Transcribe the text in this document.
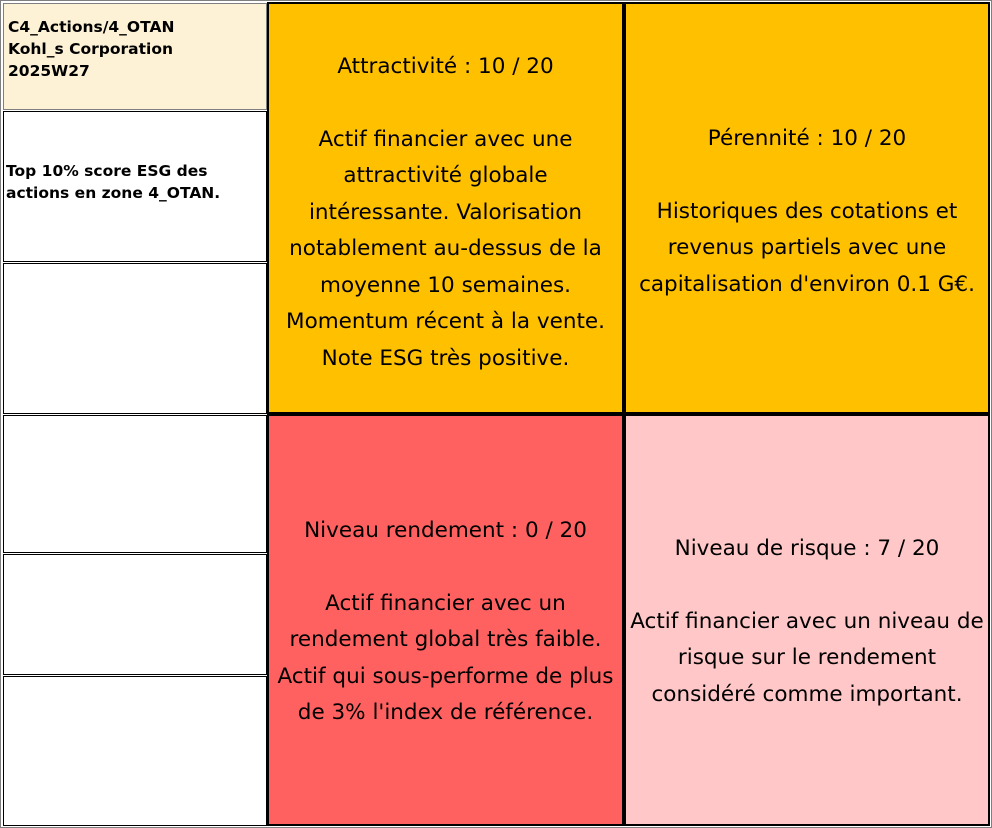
C4_Actions/4_OTAN
Kohl_s Corporation
2025W27
Top 10% score ESG des actions en zone 4_OTAN.
Attractivité : 10 / 20
Actif financier avec une attractivité globale intéressante. Valorisation notablement au-dessus de la moyenne 10 semaines. Momentum récent à la vente. Note ESG très positive.
Pérennité : 10 / 20
Historiques des cotations et revenus partiels avec une capitalisation d'environ 0.1 G€.
Niveau rendement : 0 / 20
Actif financier avec un rendement global très faible. Actif qui sous-performe de plus de 3% l'index de référence.
Niveau de risque : 7 / 20
Actif financier avec un niveau de risque sur le rendement considéré comme important.
